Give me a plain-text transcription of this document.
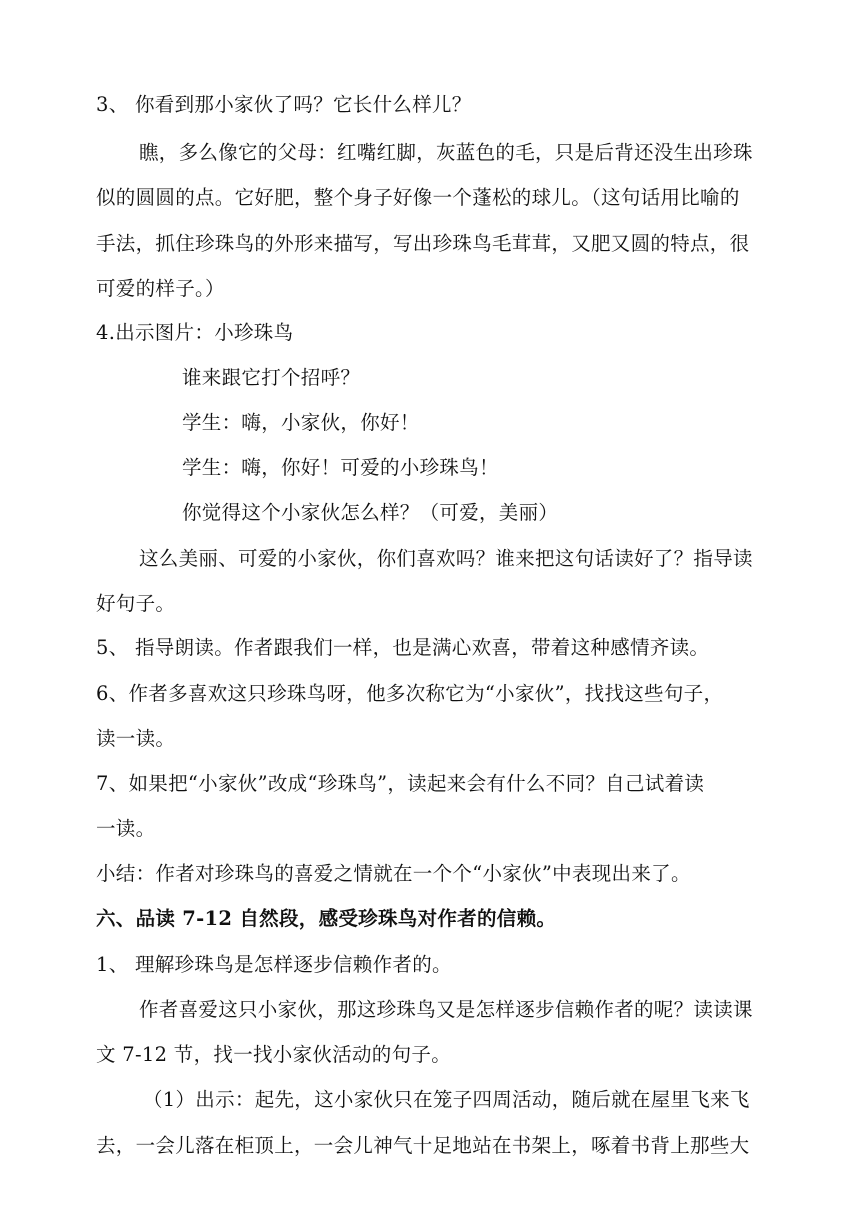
3、 你看到那小家伙了吗？它长什么样儿？
瞧，多么像它的父母：红嘴红脚，灰蓝色的毛，只是后背还没生出珍珠
似的圆圆的点。它好肥，整个身子好像一个蓬松的球儿。（这句话用比喻的
手法，抓住珍珠鸟的外形来描写，写出珍珠鸟毛茸茸，又肥又圆的特点，很
可爱的样子。）
4.出示图片：小珍珠鸟
谁来跟它打个招呼？
学生：嗨，小家伙，你好！
学生：嗨，你好！可爱的小珍珠鸟！
你觉得这个小家伙怎么样？（可爱，美丽）
这么美丽、可爱的小家伙，你们喜欢吗？谁来把这句话读好了？指导读
好句子。
5、 指导朗读。作者跟我们一样，也是满心欢喜，带着这种感情齐读。
6、作者多喜欢这只珍珠鸟呀，他多次称它为“小家伙”，找找这些句子，
读一读。
7、如果把“小家伙”改成“珍珠鸟”，读起来会有什么不同？自己试着读
一读。
小结：作者对珍珠鸟的喜爱之情就在一个个“小家伙”中表现出来了。
六、品读 7-12 自然段，感受珍珠鸟对作者的信赖。
1、 理解珍珠鸟是怎样逐步信赖作者的。
作者喜爱这只小家伙，那这珍珠鸟又是怎样逐步信赖作者的呢？读读课
文 7-12 节，找一找小家伙活动的句子。
（1）出示：起先，这小家伙只在笼子四周活动，随后就在屋里飞来飞
去，一会儿落在柜顶上，一会儿神气十足地站在书架上，啄着书背上那些大
